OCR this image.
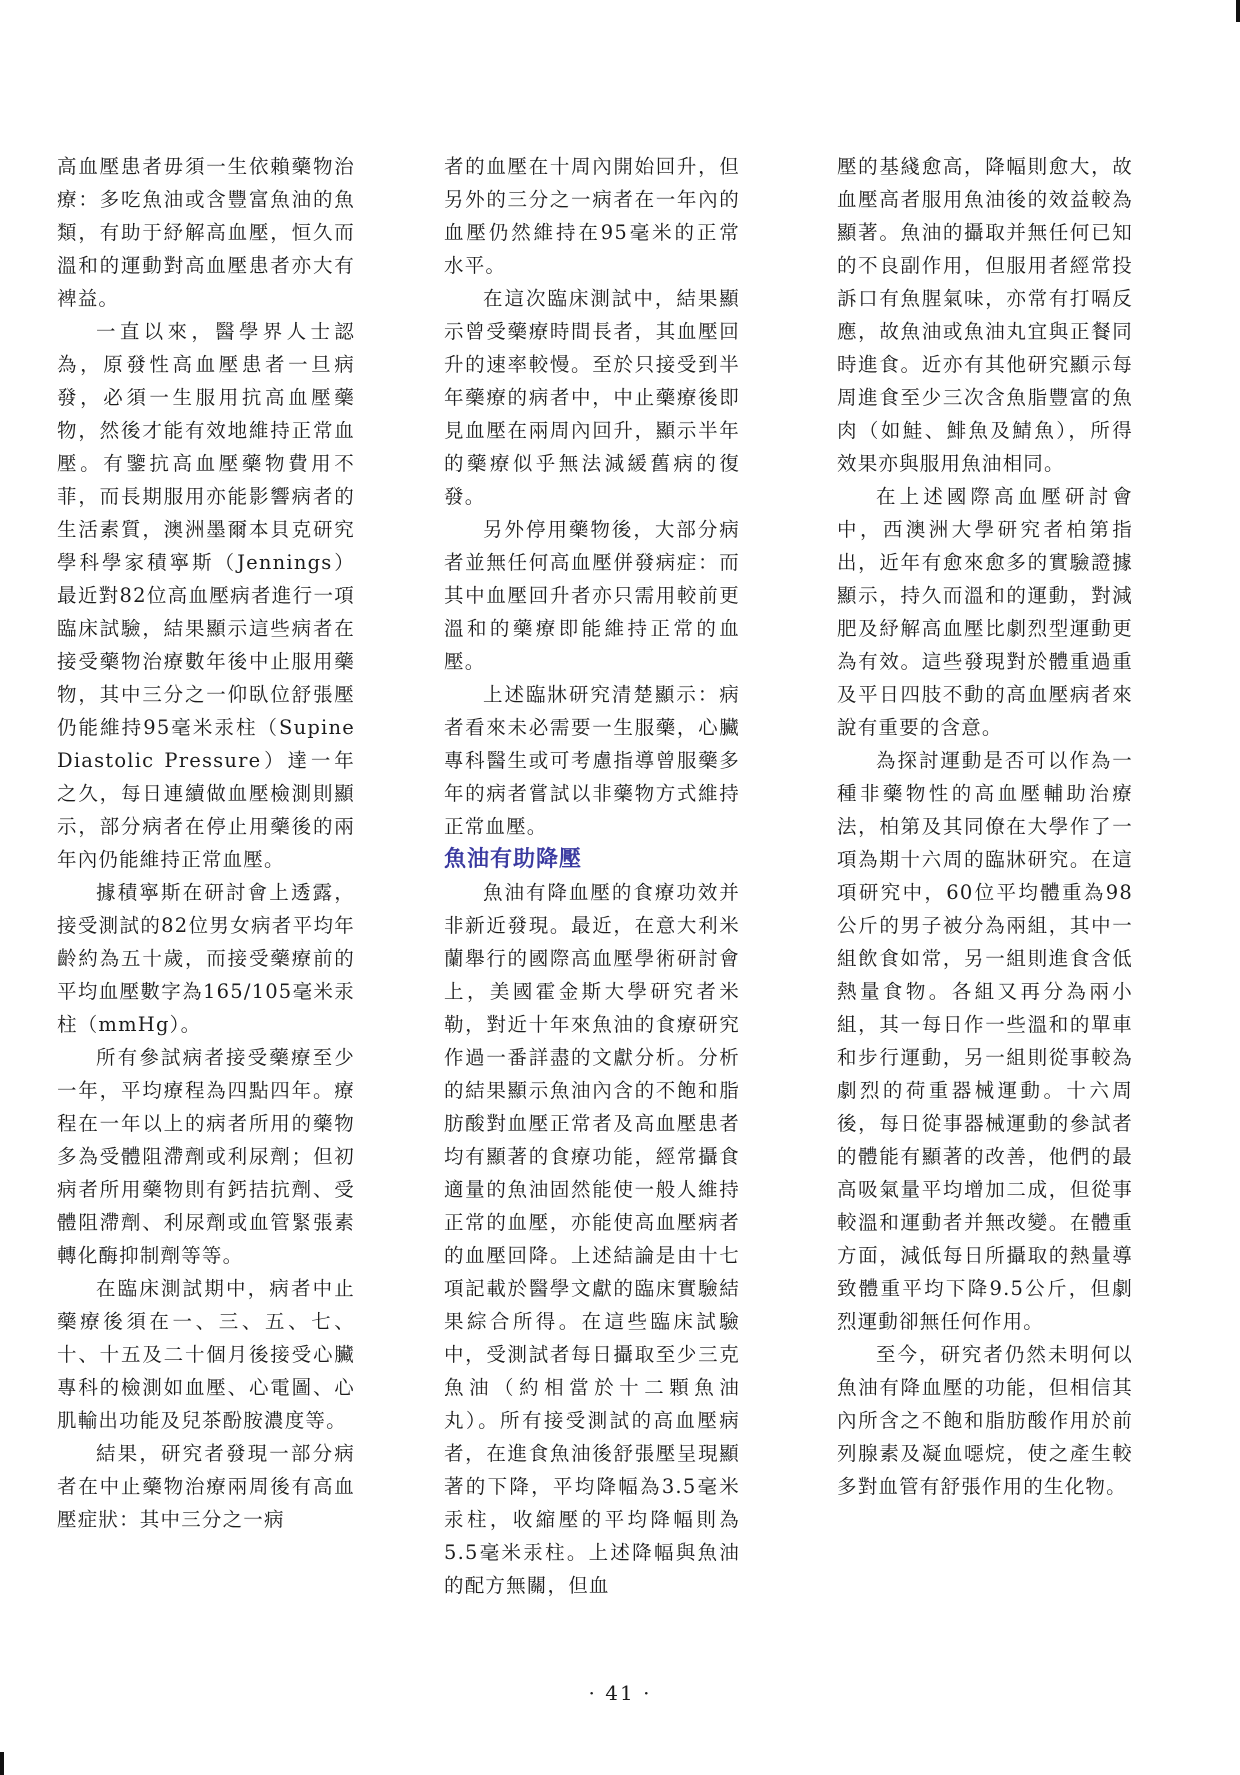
高血壓患者毋須一生依賴藥物治療：多吃魚油或含豐富魚油的魚類，有助于紓解高血壓，恒久而溫和的運動對高血壓患者亦大有裨益。

一直以來，醫學界人士認為，原發性高血壓患者一旦病發，必須一生服用抗高血壓藥物，然後才能有效地維持正常血壓。有鑒抗高血壓藥物費用不菲，而長期服用亦能影響病者的生活素質，澳洲墨爾本貝克研究學科學家積寧斯（Jennings）最近對82位高血壓病者進行一項臨床試驗，結果顯示這些病者在接受藥物治療數年後中止服用藥物，其中三分之一仰臥位舒張壓仍能維持95毫米汞柱（Supine Diastolic Pressure）達一年之久，每日連續做血壓檢測則顯示，部分病者在停止用藥後的兩年內仍能維持正常血壓。

據積寧斯在研討會上透露，接受測試的82位男女病者平均年齡約為五十歲，而接受藥療前的平均血壓數字為165/105毫米汞柱（mmHg）。

所有參試病者接受藥療至少一年，平均療程為四點四年。療程在一年以上的病者所用的藥物多為受體阻滯劑或利尿劑；但初病者所用藥物則有鈣拮抗劑、受體阻滯劑、利尿劑或血管緊張素轉化酶抑制劑等等。

在臨床測試期中，病者中止藥療後須在一、三、五、七、十、十五及二十個月後接受心臟專科的檢測如血壓、心電圖、心肌輸出功能及兒茶酚胺濃度等。

結果，研究者發現一部分病者在中止藥物治療兩周後有高血壓症狀：其中三分之一病

者的血壓在十周內開始回升，但另外的三分之一病者在一年內的血壓仍然維持在95毫米的正常水平。

在這次臨床測試中，結果顯示曾受藥療時間長者，其血壓回升的速率較慢。至於只接受到半年藥療的病者中，中止藥療後即見血壓在兩周內回升，顯示半年的藥療似乎無法減緩舊病的復發。

另外停用藥物後，大部分病者並無任何高血壓併發病症：而其中血壓回升者亦只需用較前更溫和的藥療即能維持正常的血壓。

上述臨牀研究清楚顯示：病者看來未必需要一生服藥，心臟專科醫生或可考慮指導曾服藥多年的病者嘗試以非藥物方式維持正常血壓。

魚油有助降壓

魚油有降血壓的食療功效并非新近發現。最近，在意大利米蘭舉行的國際高血壓學術研討會上，美國霍金斯大學研究者米勒，對近十年來魚油的食療研究作過一番詳盡的文獻分析。分析的結果顯示魚油內含的不飽和脂肪酸對血壓正常者及高血壓患者均有顯著的食療功能，經常攝食適量的魚油固然能使一般人維持正常的血壓，亦能使高血壓病者的血壓回降。上述結論是由十七項記載於醫學文獻的臨床實驗結果綜合所得。在這些臨床試驗中，受測試者每日攝取至少三克魚油（約相當於十二顆魚油丸）。所有接受測試的高血壓病者，在進食魚油後舒張壓呈現顯著的下降，平均降幅為3.5毫米汞柱，收縮壓的平均降幅則為5.5毫米汞柱。上述降幅與魚油的配方無關，但血

壓的基綫愈高，降幅則愈大，故血壓高者服用魚油後的效益較為顯著。魚油的攝取并無任何已知的不良副作用，但服用者經常投訴口有魚腥氣味，亦常有打嗝反應，故魚油或魚油丸宜與正餐同時進食。近亦有其他研究顯示每周進食至少三次含魚脂豐富的魚肉（如鮭、鯡魚及鯖魚），所得效果亦與服用魚油相同。

在上述國際高血壓研討會中，西澳洲大學研究者柏第指出，近年有愈來愈多的實驗證據顯示，持久而溫和的運動，對減肥及紓解高血壓比劇烈型運動更為有效。這些發現對於體重過重及平日四肢不動的高血壓病者來說有重要的含意。

為探討運動是否可以作為一種非藥物性的高血壓輔助治療法，柏第及其同僚在大學作了一項為期十六周的臨牀研究。在這項研究中，60位平均體重為98公斤的男子被分為兩組，其中一組飲食如常，另一組則進食含低熱量食物。各組又再分為兩小組，其一每日作一些溫和的單車和步行運動，另一組則從事較為劇烈的荷重器械運動。十六周後，每日從事器械運動的參試者的體能有顯著的改善，他們的最高吸氣量平均增加二成，但從事較溫和運動者并無改變。在體重方面，減低每日所攝取的熱量導致體重平均下降9.5公斤，但劇烈運動卻無任何作用。

至今，研究者仍然未明何以魚油有降血壓的功能，但相信其內所含之不飽和脂肪酸作用於前列腺素及凝血噁烷，使之產生較多對血管有舒張作用的生化物。

· 41 ·
